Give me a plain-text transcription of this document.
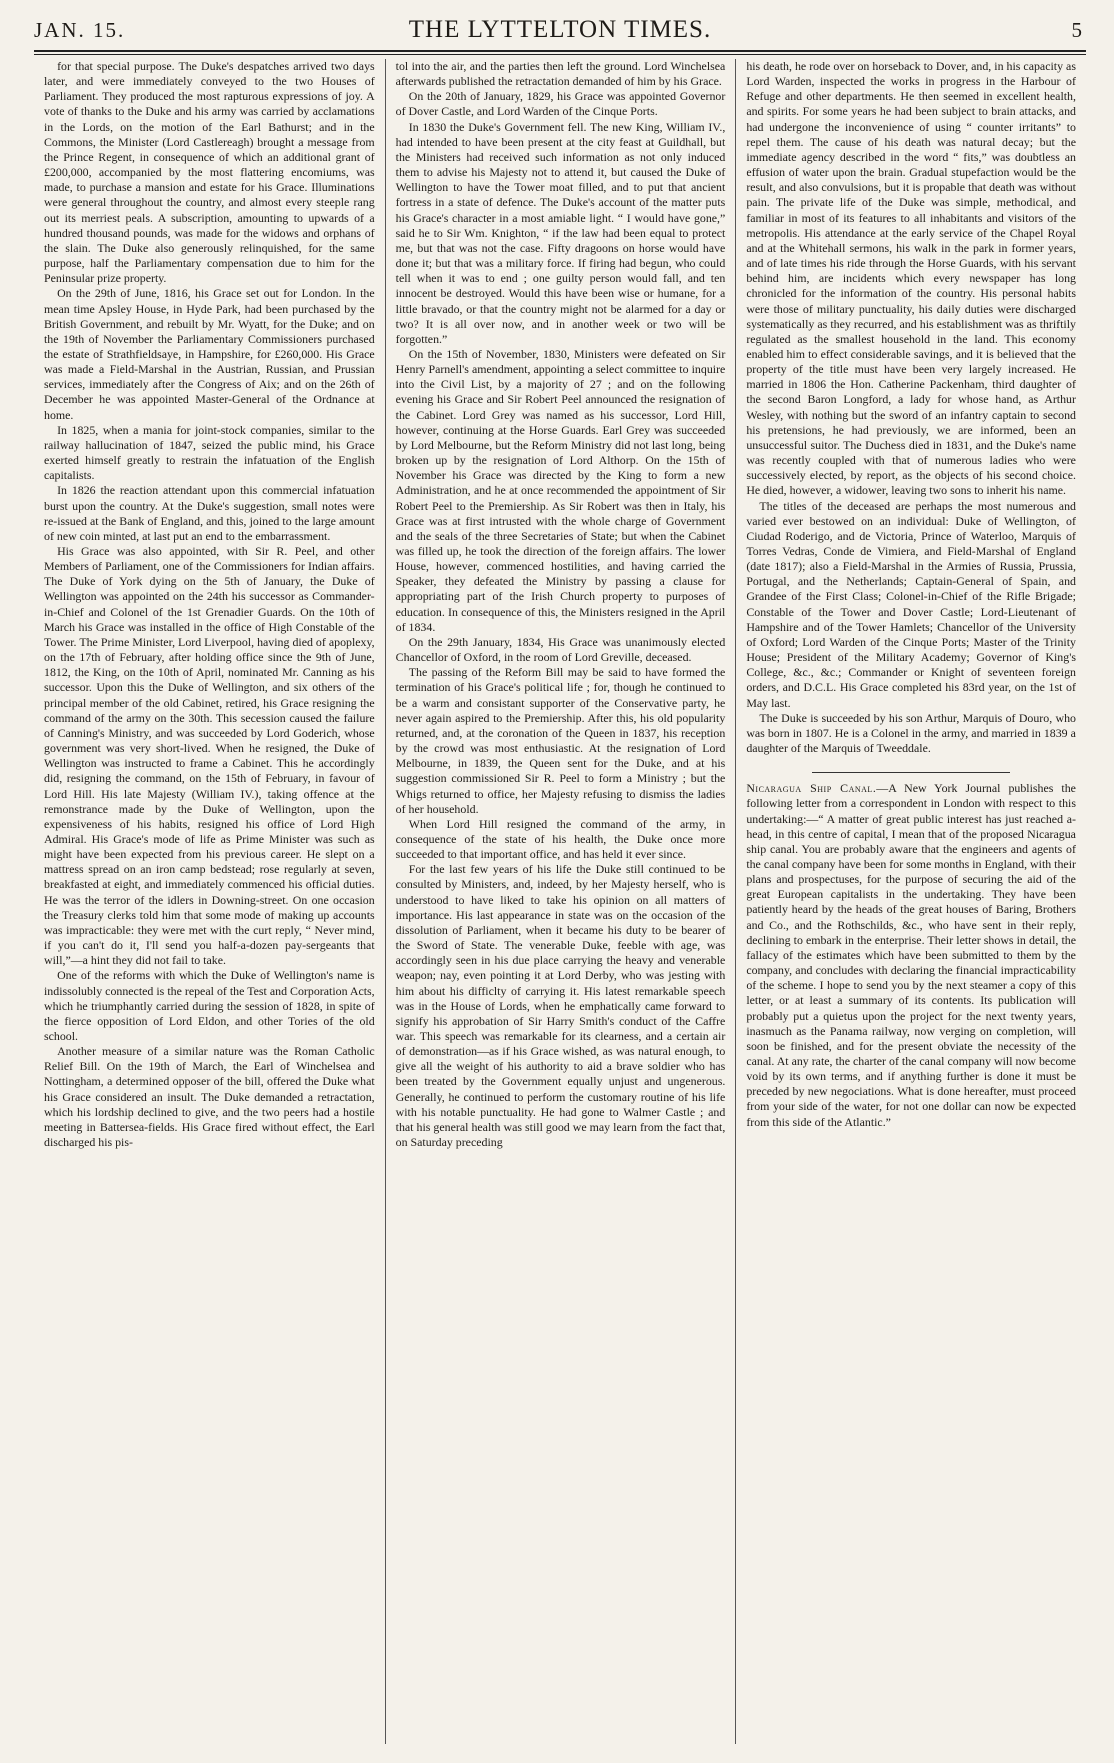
JAN. 15.	THE LYTTELTON TIMES.	5

for that special purpose. The Duke's despatches arrived two days later, and were immediately conveyed to the two Houses of Parliament. They produced the most rapturous expressions of joy. A vote of thanks to the Duke and his army was carried by acclamations in the Lords, on the motion of the Earl Bathurst; and in the Commons, the Minister (Lord Castlereagh) brought a message from the Prince Regent, in consequence of which an additional grant of £200,000, accompanied by the most flattering encomiums, was made, to purchase a mansion and estate for his Grace. Illuminations were general throughout the country, and almost every steeple rang out its merriest peals. A subscription, amounting to upwards of a hundred thousand pounds, was made for the widows and orphans of the slain. The Duke also generously relinquished, for the same purpose, half the Parliamentary compensation due to him for the Peninsular prize property.

On the 29th of June, 1816, his Grace set out for London. In the mean time Apsley House, in Hyde Park, had been purchased by the British Government, and rebuilt by Mr. Wyatt, for the Duke; and on the 19th of November the Parliamentary Commissioners purchased the estate of Strathfieldsaye, in Hampshire, for £260,000. His Grace was made a Field-Marshal in the Austrian, Russian, and Prussian services, immediately after the Congress of Aix; and on the 26th of December he was appointed Master-General of the Ordnance at home.

In 1825, when a mania for joint-stock companies, similar to the railway hallucination of 1847, seized the public mind, his Grace exerted himself greatly to restrain the infatuation of the English capitalists.

In 1826 the reaction attendant upon this commercial infatuation burst upon the country. At the Duke's suggestion, small notes were re-issued at the Bank of England, and this, joined to the large amount of new coin minted, at last put an end to the embarrassment.

His Grace was also appointed, with Sir R. Peel, and other Members of Parliament, one of the Commissioners for Indian affairs. The Duke of York dying on the 5th of January, the Duke of Wellington was appointed on the 24th his successor as Commander-in-Chief and Colonel of the 1st Grenadier Guards. On the 10th of March his Grace was installed in the office of High Constable of the Tower. The Prime Minister, Lord Liverpool, having died of apoplexy, on the 17th of February, after holding office since the 9th of June, 1812, the King, on the 10th of April, nominated Mr. Canning as his successor. Upon this the Duke of Wellington, and six others of the principal member of the old Cabinet, retired, his Grace resigning the command of the army on the 30th. This secession caused the failure of Canning's Ministry, and was succeeded by Lord Goderich, whose government was very short-lived. When he resigned, the Duke of Wellington was instructed to frame a Cabinet. This he accordingly did, resigning the command, on the 15th of February, in favour of Lord Hill. His late Majesty (William IV.), taking offence at the remonstrance made by the Duke of Wellington, upon the expensiveness of his habits, resigned his office of Lord High Admiral. His Grace's mode of life as Prime Minister was such as might have been expected from his previous career. He slept on a mattress spread on an iron camp bedstead; rose regularly at seven, breakfasted at eight, and immediately commenced his official duties. He was the terror of the idlers in Downing-street. On one occasion the Treasury clerks told him that some mode of making up accounts was impracticable: they were met with the curt reply, “ Never mind, if you can't do it, I'll send you half-a-dozen pay-sergeants that will,”—a hint they did not fail to take.

One of the reforms with which the Duke of Wellington's name is indissolubly connected is the repeal of the Test and Corporation Acts, which he triumphantly carried during the session of 1828, in spite of the fierce opposition of Lord Eldon, and other Tories of the old school.

Another measure of a similar nature was the Roman Catholic Relief Bill. On the 19th of March, the Earl of Winchelsea and Nottingham, a determined opposer of the bill, offered the Duke what his Grace considered an insult. The Duke demanded a retractation, which his lordship declined to give, and the two peers had a hostile meeting in Battersea-fields. His Grace fired without effect, the Earl discharged his pis-

tol into the air, and the parties then left the ground. Lord Winchelsea afterwards published the retractation demanded of him by his Grace.

On the 20th of January, 1829, his Grace was appointed Governor of Dover Castle, and Lord Warden of the Cinque Ports.

In 1830 the Duke's Government fell. The new King, William IV., had intended to have been present at the city feast at Guildhall, but the Ministers had received such information as not only induced them to advise his Majesty not to attend it, but caused the Duke of Wellington to have the Tower moat filled, and to put that ancient fortress in a state of defence. The Duke's account of the matter puts his Grace's character in a most amiable light. “ I would have gone,” said he to Sir Wm. Knighton, “ if the law had been equal to protect me, but that was not the case. Fifty dragoons on horse would have done it; but that was a military force. If firing had begun, who could tell when it was to end ; one guilty person would fall, and ten innocent be destroyed. Would this have been wise or humane, for a little bravado, or that the country might not be alarmed for a day or two? It is all over now, and in another week or two will be forgotten.”

On the 15th of November, 1830, Ministers were defeated on Sir Henry Parnell's amendment, appointing a select committee to inquire into the Civil List, by a majority of 27 ; and on the following evening his Grace and Sir Robert Peel announced the resignation of the Cabinet. Lord Grey was named as his successor, Lord Hill, however, continuing at the Horse Guards. Earl Grey was succeeded by Lord Melbourne, but the Reform Ministry did not last long, being broken up by the resignation of Lord Althorp. On the 15th of November his Grace was directed by the King to form a new Administration, and he at once recommended the appointment of Sir Robert Peel to the Premiership. As Sir Robert was then in Italy, his Grace was at first intrusted with the whole charge of Government and the seals of the three Secretaries of State; but when the Cabinet was filled up, he took the direction of the foreign affairs. The lower House, however, commenced hostilities, and having carried the Speaker, they defeated the Ministry by passing a clause for appropriating part of the Irish Church property to purposes of education. In consequence of this, the Ministers resigned in the April of 1834.

On the 29th January, 1834, His Grace was unanimously elected Chancellor of Oxford, in the room of Lord Greville, deceased.

The passing of the Reform Bill may be said to have formed the termination of his Grace's political life ; for, though he continued to be a warm and consistant supporter of the Conservative party, he never again aspired to the Premiership. After this, his old popularity returned, and, at the coronation of the Queen in 1837, his reception by the crowd was most enthusiastic. At the resignation of Lord Melbourne, in 1839, the Queen sent for the Duke, and at his suggestion commissioned Sir R. Peel to form a Ministry ; but the Whigs returned to office, her Majesty refusing to dismiss the ladies of her household.

When Lord Hill resigned the command of the army, in consequence of the state of his health, the Duke once more succeeded to that important office, and has held it ever since.

For the last few years of his life the Duke still continued to be consulted by Ministers, and, indeed, by her Majesty herself, who is understood to have liked to take his opinion on all matters of importance. His last appearance in state was on the occasion of the dissolution of Parliament, when it became his duty to be bearer of the Sword of State. The venerable Duke, feeble with age, was accordingly seen in his due place carrying the heavy and venerable weapon; nay, even pointing it at Lord Derby, who was jesting with him about his difficlty of carrying it. His latest remarkable speech was in the House of Lords, when he emphatically came forward to signify his approbation of Sir Harry Smith's conduct of the Caffre war. This speech was remarkable for its clearness, and a certain air of demonstration—as if his Grace wished, as was natural enough, to give all the weight of his authority to aid a brave soldier who has been treated by the Government equally unjust and ungenerous. Generally, he continued to perform the customary routine of his life with his notable punctuality. He had gone to Walmer Castle ; and that his general health was still good we may learn from the fact that, on Saturday preceding

his death, he rode over on horseback to Dover, and, in his capacity as Lord Warden, inspected the works in progress in the Harbour of Refuge and other departments. He then seemed in excellent health, and spirits. For some years he had been subject to brain attacks, and had undergone the inconvenience of using “ counter irritants” to repel them. The cause of his death was natural decay; but the immediate agency described in the word “ fits,” was doubtless an effusion of water upon the brain. Gradual stupefaction would be the result, and also convulsions, but it is propable that death was without pain. The private life of the Duke was simple, methodical, and familiar in most of its features to all inhabitants and visitors of the metropolis. His attendance at the early service of the Chapel Royal and at the Whitehall sermons, his walk in the park in former years, and of late times his ride through the Horse Guards, with his servant behind him, are incidents which every newspaper has long chronicled for the information of the country. His personal habits were those of military punctuality, his daily duties were discharged systematically as they recurred, and his establishment was as thriftily regulated as the smallest household in the land. This economy enabled him to effect considerable savings, and it is believed that the property of the title must have been very largely increased. He married in 1806 the Hon. Catherine Packenham, third daughter of the second Baron Longford, a lady for whose hand, as Arthur Wesley, with nothing but the sword of an infantry captain to second his pretensions, he had previously, we are informed, been an unsuccessful suitor. The Duchess died in 1831, and the Duke's name was recently coupled with that of numerous ladies who were successively elected, by report, as the objects of his second choice. He died, however, a widower, leaving two sons to inherit his name.

The titles of the deceased are perhaps the most numerous and varied ever bestowed on an individual: Duke of Wellington, of Ciudad Roderigo, and de Victoria, Prince of Waterloo, Marquis of Torres Vedras, Conde de Vimiera, and Field-Marshal of England (date 1817); also a Field-Marshal in the Armies of Russia, Prussia, Portugal, and the Netherlands; Captain-General of Spain, and Grandee of the First Class; Colonel-in-Chief of the Rifle Brigade; Constable of the Tower and Dover Castle; Lord-Lieutenant of Hampshire and of the Tower Hamlets; Chancellor of the University of Oxford; Lord Warden of the Cinque Ports; Master of the Trinity House; President of the Military Academy; Governor of King's College, &c., &c.; Commander or Knight of seventeen foreign orders, and D.C.L. His Grace completed his 83rd year, on the 1st of May last.

The Duke is succeeded by his son Arthur, Marquis of Douro, who was born in 1807. He is a Colonel in the army, and married in 1839 a daughter of the Marquis of Tweeddale.

Nicaragua Ship Canal.—A New York Journal publishes the following letter from a correspondent in London with respect to this undertaking:—“ A matter of great public interest has just reached a-head, in this centre of capital, I mean that of the proposed Nicaragua ship canal. You are probably aware that the engineers and agents of the canal company have been for some months in England, with their plans and prospectuses, for the purpose of securing the aid of the great European capitalists in the undertaking. They have been patiently heard by the heads of the great houses of Baring, Brothers and Co., and the Rothschilds, &c., who have sent in their reply, declining to embark in the enterprise. Their letter shows in detail, the fallacy of the estimates which have been submitted to them by the company, and concludes with declaring the financial impracticability of the scheme. I hope to send you by the next steamer a copy of this letter, or at least a summary of its contents. Its publication will probably put a quietus upon the project for the next twenty years, inasmuch as the Panama railway, now verging on completion, will soon be finished, and for the present obviate the necessity of the canal. At any rate, the charter of the canal company will now become void by its own terms, and if anything further is done it must be preceded by new negociations. What is done hereafter, must proceed from your side of the water, for not one dollar can now be expected from this side of the Atlantic.”
